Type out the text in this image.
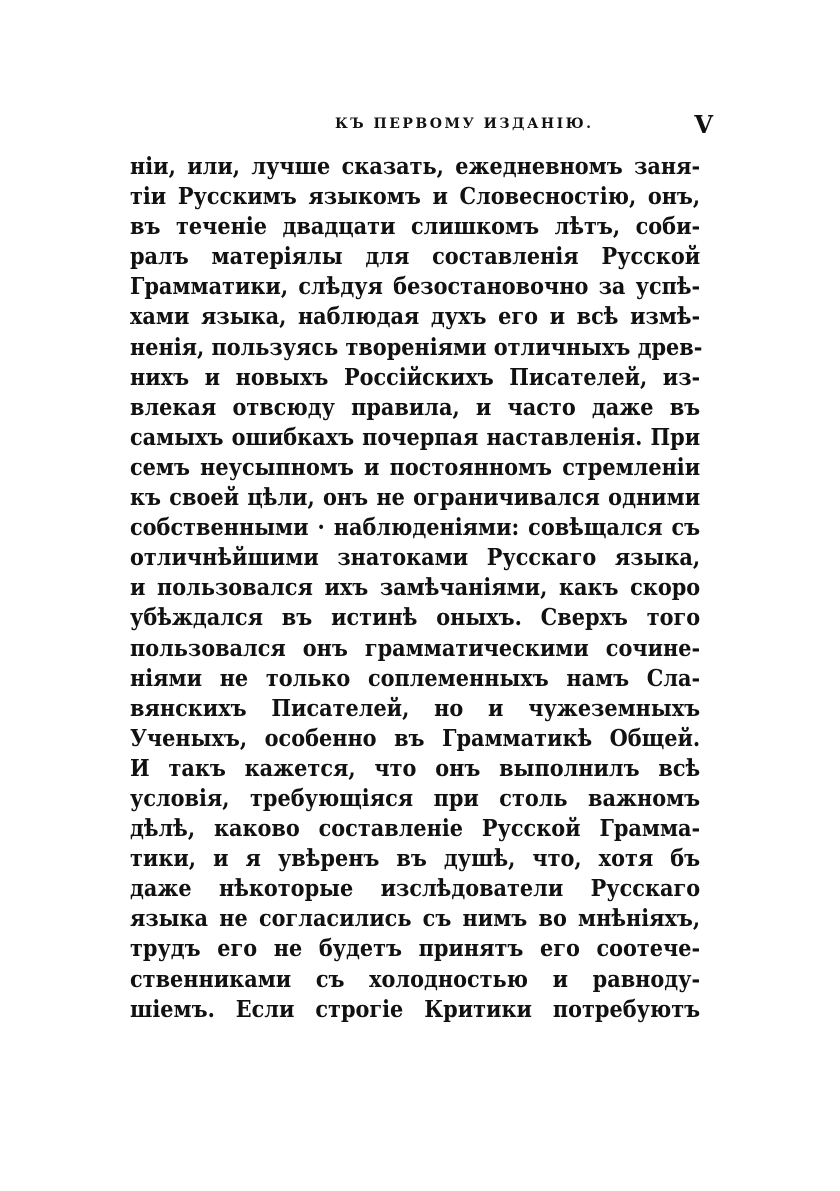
КЪ ПЕРВОМУ ИЗДАНІЮ.	V
ніи, или, лучше сказать, ежедневномъ заня-
тіи Русскимъ языкомъ и Словесностію, онъ,
въ теченіе двадцати слишкомъ лѣтъ, соби-
ралъ матеріялы для составленія Русской
Грамматики, слѣдуя безостановочно за успѣ-
хами языка, наблюдая духъ его и всѣ измѣ-
ненія, пользуясь твореніями отличныхъ древ-
нихъ и новыхъ Россійскихъ Писателей, из-
влекая отвсюду правила, и часто даже въ
самыхъ ошибкахъ почерпая наставленія. При
семъ неусыпномъ и постоянномъ стремленіи
къ своей цѣли, онъ не ограничивался одними
собственными · наблюденіями: совѣщался съ
отличнѣйшими знатоками Русскаго языка,
и пользовался ихъ замѣчаніями, какъ скоро
убѣждался въ истинѣ оныхъ. Сверхъ того
пользовался онъ грамматическими сочине-
ніями не только соплеменныхъ намъ Сла-
вянскихъ Писателей, но и чужеземныхъ
Ученыхъ, особенно въ Грамматикѣ Общей.
И такъ кажется, что онъ выполнилъ всѣ
условія, требующіяся при столь важномъ
дѣлѣ, каково составленіе Русской Грамма-
тики, и я увѣренъ въ душѣ, что, хотя бъ
даже нѣкоторые изслѣдователи Русскаго
языка не согласились съ нимъ во мнѣніяхъ,
трудъ его не будетъ принятъ его соотече-
ственниками съ холодностью и равноду-
шіемъ. Если строгіе Критики потребуютъ
